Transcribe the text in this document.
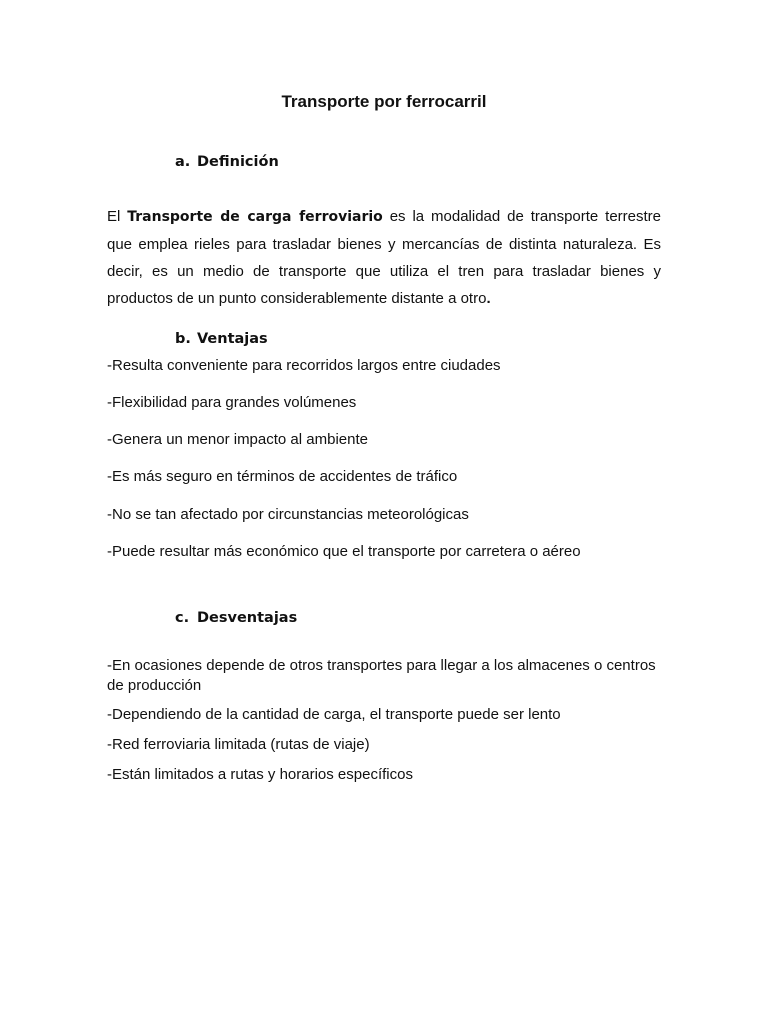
Transporte por ferrocarril
a. Definición

El Transporte de carga ferroviario es la modalidad de transporte terrestre que emplea rieles para trasladar bienes y mercancías de distinta naturaleza. Es decir, es un medio de transporte que utiliza el tren para trasladar bienes y productos de un punto considerablemente distante a otro.

b. Ventajas
-Resulta conveniente para recorridos largos entre ciudades
-Flexibilidad para grandes volúmenes
-Genera un menor impacto al ambiente
-Es más seguro en términos de accidentes de tráfico
-No se tan afectado por circunstancias meteorológicas
-Puede resultar más económico que el transporte por carretera o aéreo
c. Desventajas
-En ocasiones depende de otros transportes para llegar a los almacenes o centros de producción
-Dependiendo de la cantidad de carga, el transporte puede ser lento
-Red ferroviaria limitada (rutas de viaje)
-Están limitados a rutas y horarios específicos
